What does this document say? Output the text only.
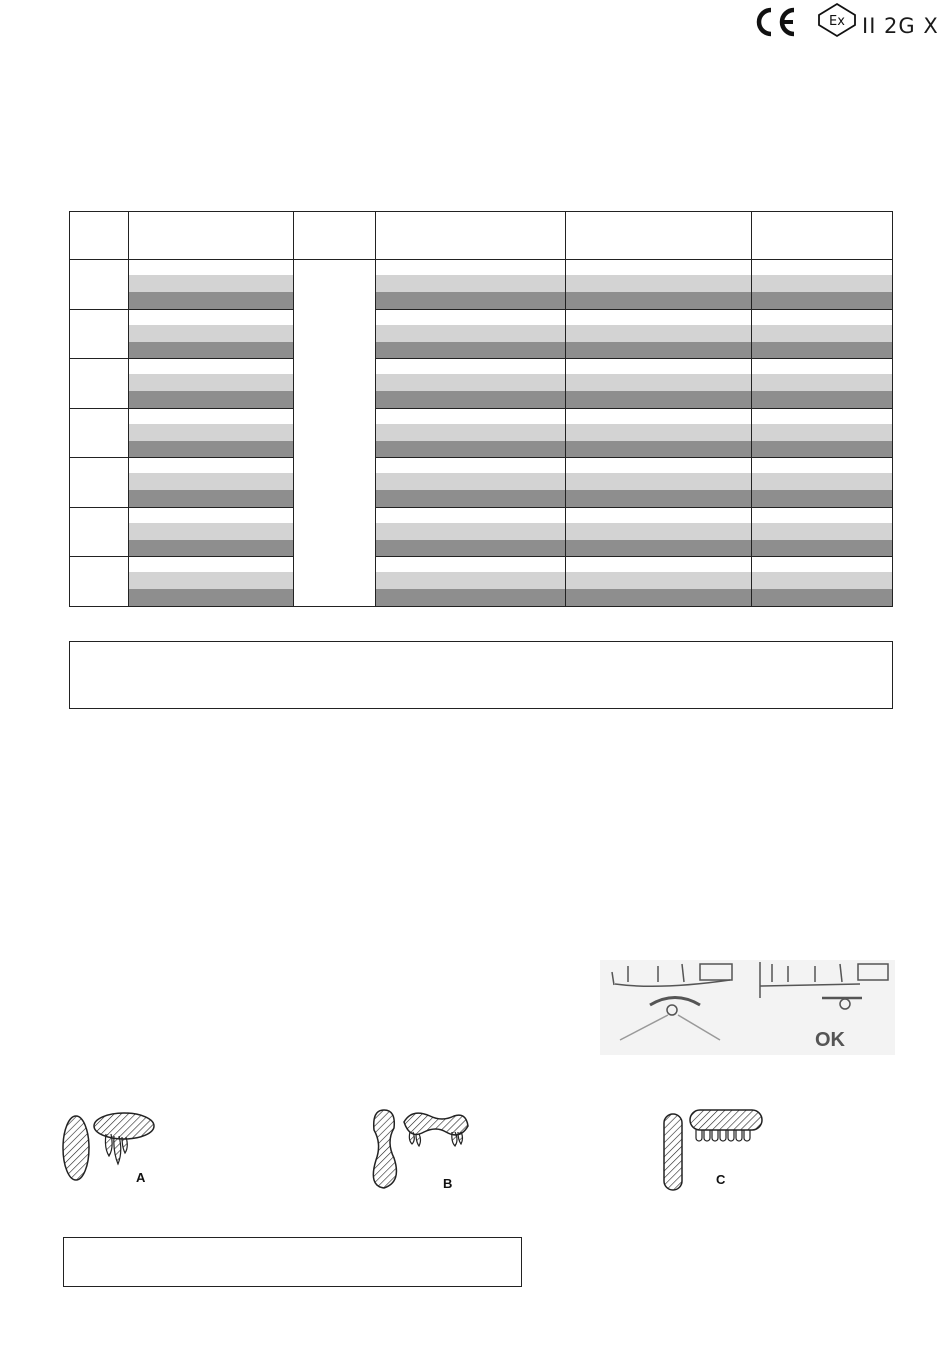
Ex II 2G X
OK
A	B	C
